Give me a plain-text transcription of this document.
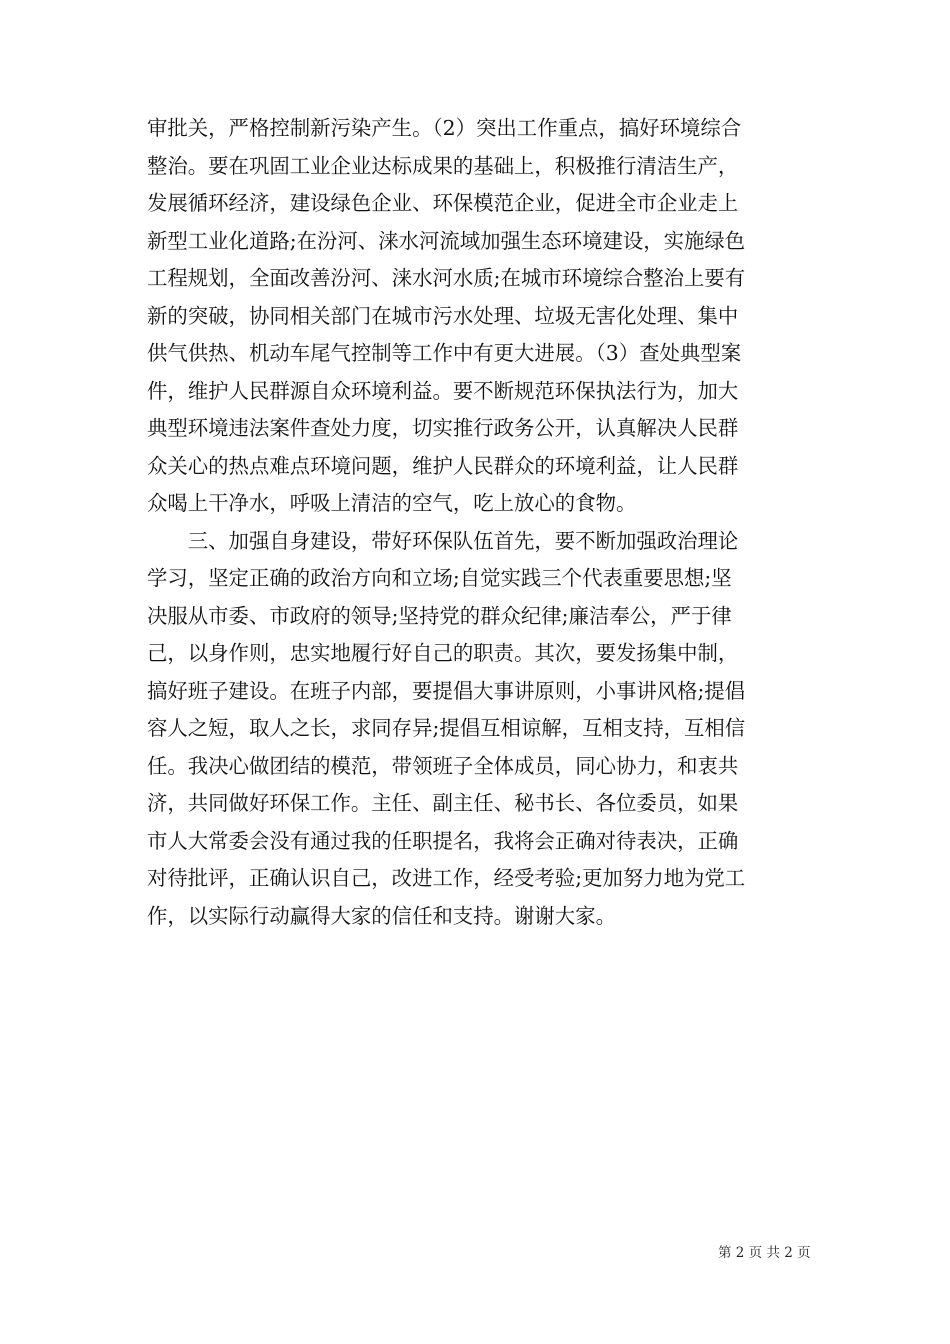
审批关，严格控制新污染产生。（2）突出工作重点，搞好环境综合
整治。要在巩固工业企业达标成果的基础上，积极推行清洁生产，
发展循环经济，建设绿色企业、环保模范企业，促进全市企业走上
新型工业化道路;在汾河、涞水河流域加强生态环境建设，实施绿色
工程规划，全面改善汾河、涞水河水质;在城市环境综合整治上要有
新的突破，协同相关部门在城市污水处理、垃圾无害化处理、集中
供气供热、机动车尾气控制等工作中有更大进展。（3）查处典型案
件，维护人民群源自众环境利益。要不断规范环保执法行为，加大
典型环境违法案件查处力度，切实推行政务公开，认真解决人民群
众关心的热点难点环境问题，维护人民群众的环境利益，让人民群
众喝上干净水，呼吸上清洁的空气，吃上放心的食物。

　　三、加强自身建设，带好环保队伍首先，要不断加强政治理论
学习，坚定正确的政治方向和立场;自觉实践三个代表重要思想;坚
决服从市委、市政府的领导;坚持党的群众纪律;廉洁奉公，严于律
己，以身作则，忠实地履行好自己的职责。其次，要发扬集中制，
搞好班子建设。在班子内部，要提倡大事讲原则，小事讲风格;提倡
容人之短，取人之长，求同存异;提倡互相谅解，互相支持，互相信
任。我决心做团结的模范，带领班子全体成员，同心协力，和衷共
济，共同做好环保工作。主任、副主任、秘书长、各位委员，如果
市人大常委会没有通过我的任职提名，我将会正确对待表决，正确
对待批评，正确认识自己，改进工作，经受考验;更加努力地为党工
作，以实际行动赢得大家的信任和支持。谢谢大家。

第 2 页 共 2 页
